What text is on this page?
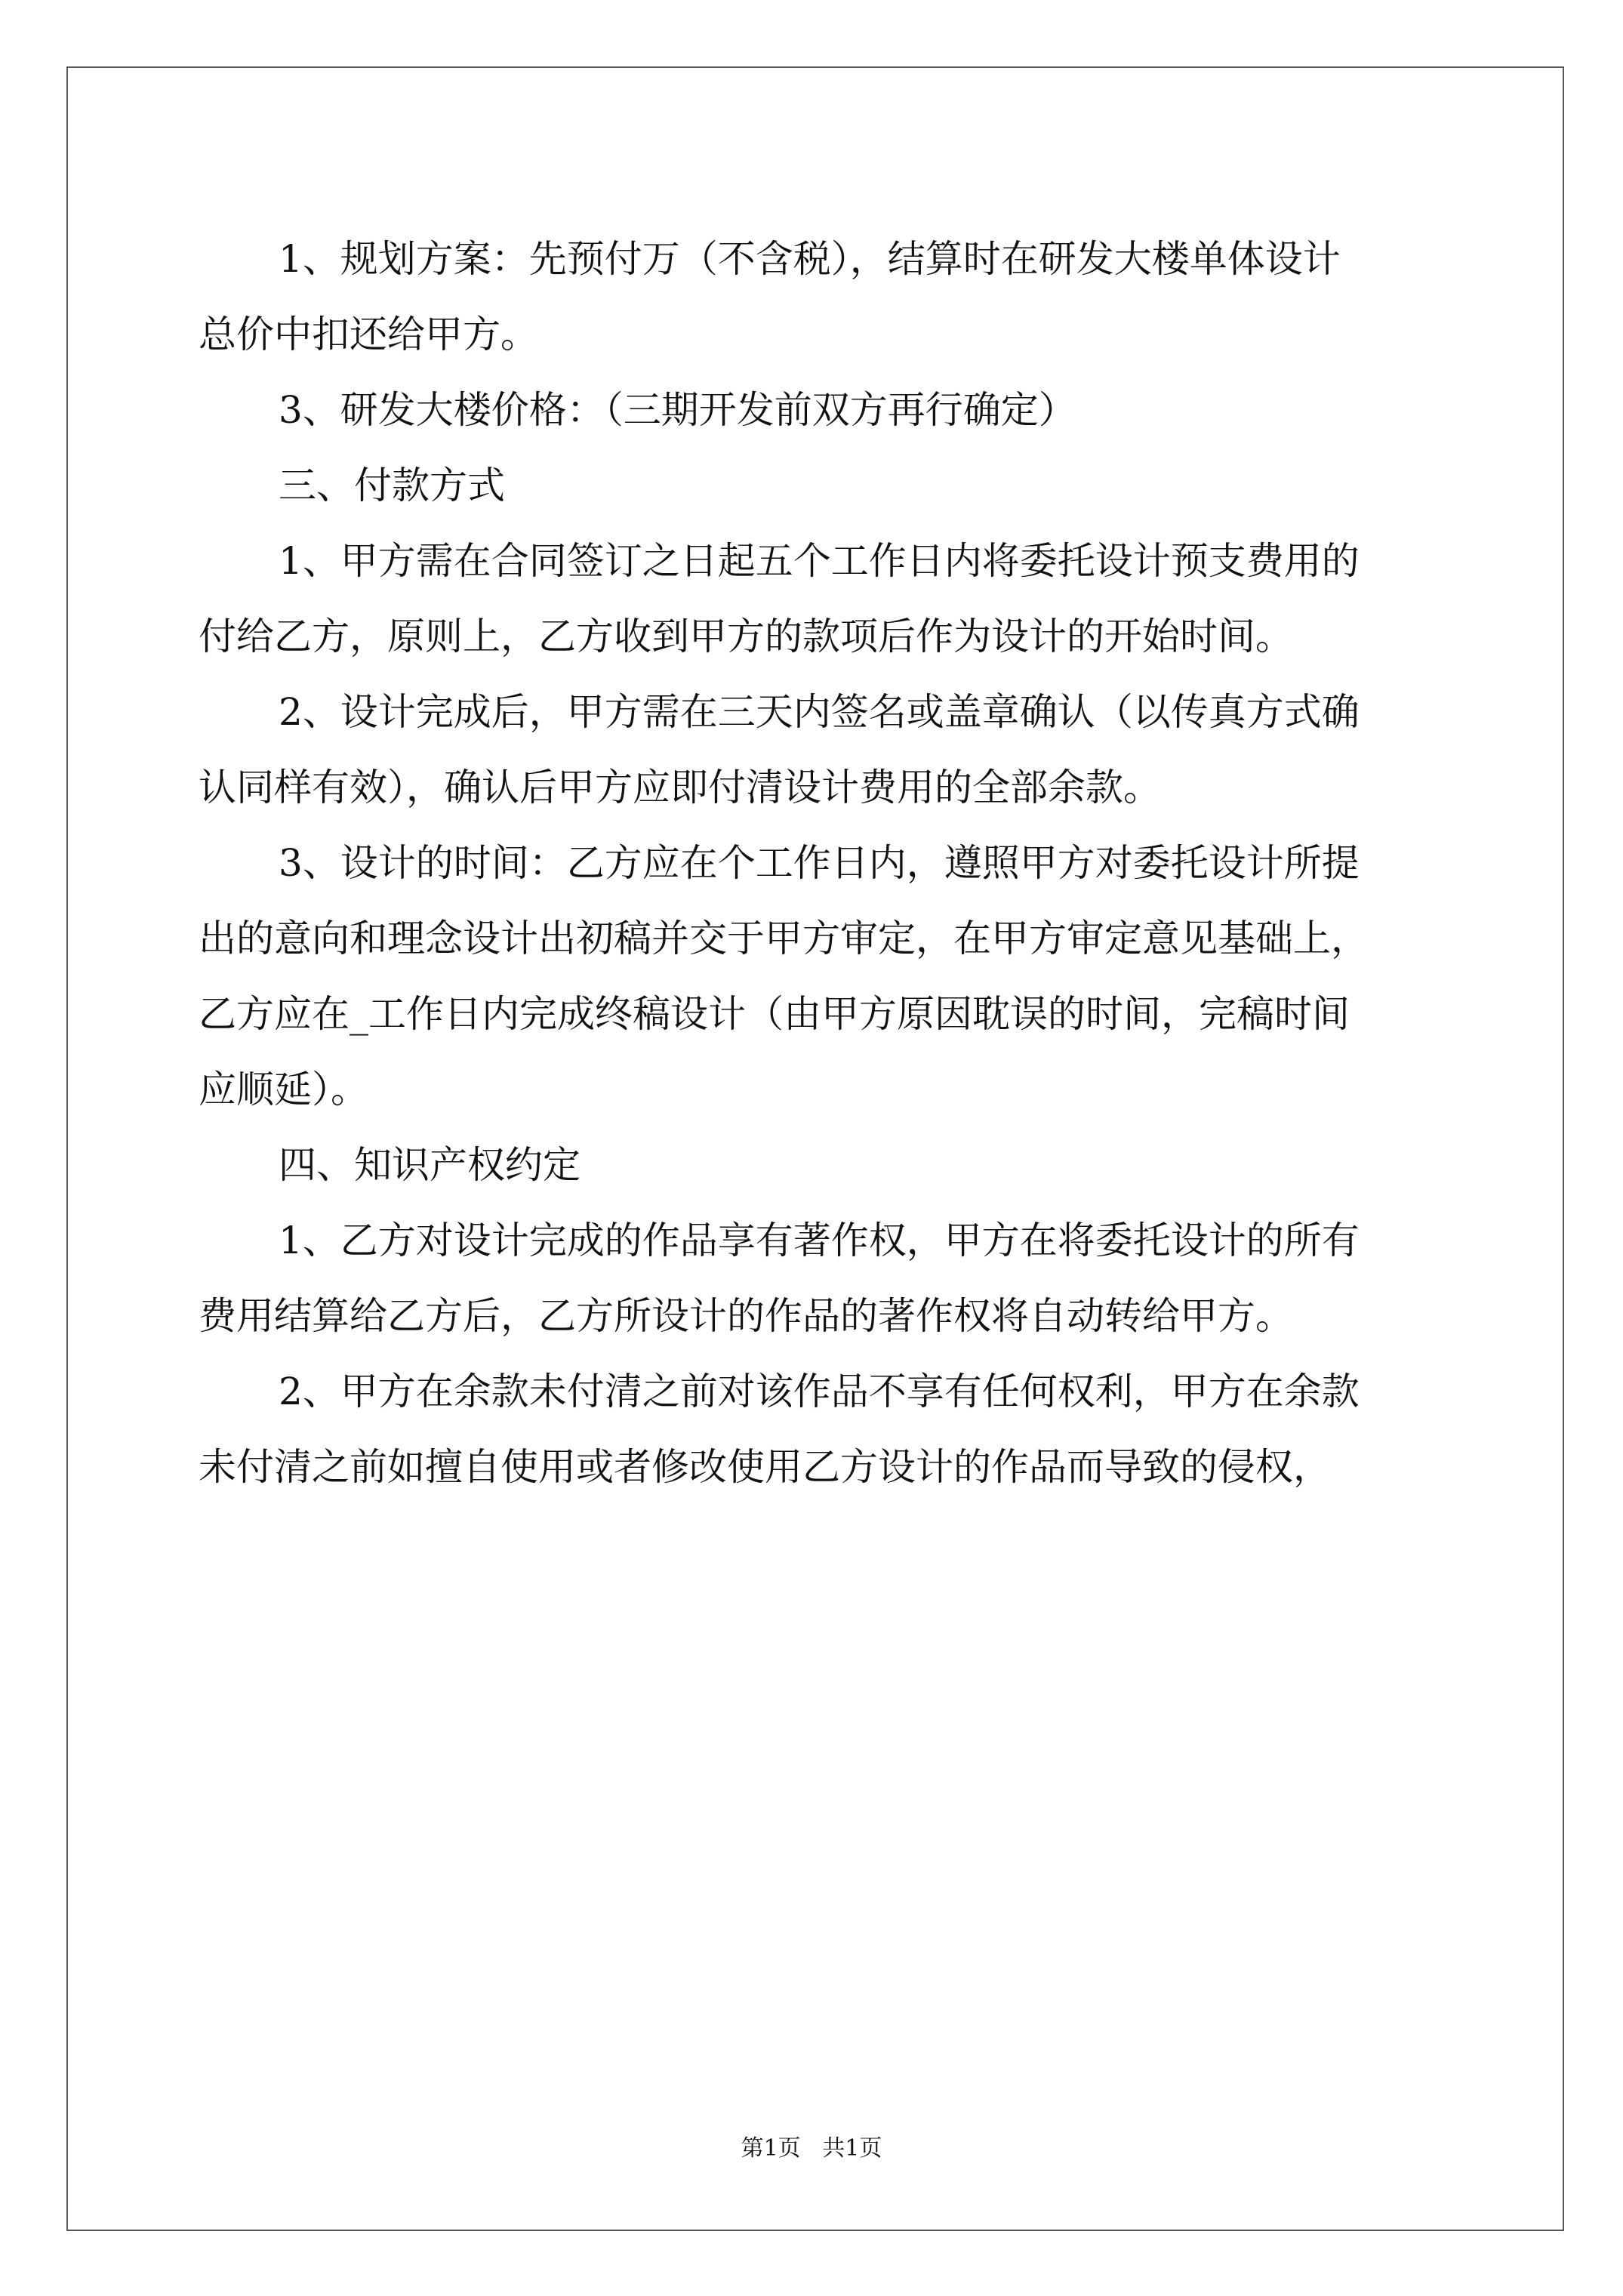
1、规划方案：先预付万（不含税），结算时在研发大楼单体设计
总价中扣还给甲方。
3、研发大楼价格：（三期开发前双方再行确定）
三、付款方式
1、甲方需在合同签订之日起五个工作日内将委托设计预支费用的
付给乙方，原则上，乙方收到甲方的款项后作为设计的开始时间。
2、设计完成后，甲方需在三天内签名或盖章确认（以传真方式确
认同样有效），确认后甲方应即付清设计费用的全部余款。
3、设计的时间：乙方应在个工作日内，遵照甲方对委托设计所提
出的意向和理念设计出初稿并交于甲方审定，在甲方审定意见基础上，
乙方应在_工作日内完成终稿设计（由甲方原因耽误的时间，完稿时间
应顺延）。
四、知识产权约定
1、乙方对设计完成的作品享有著作权，甲方在将委托设计的所有
费用结算给乙方后，乙方所设计的作品的著作权将自动转给甲方。
2、甲方在余款未付清之前对该作品不享有任何权利，甲方在余款
未付清之前如擅自使用或者修改使用乙方设计的作品而导致的侵权，
第1页   共1页
